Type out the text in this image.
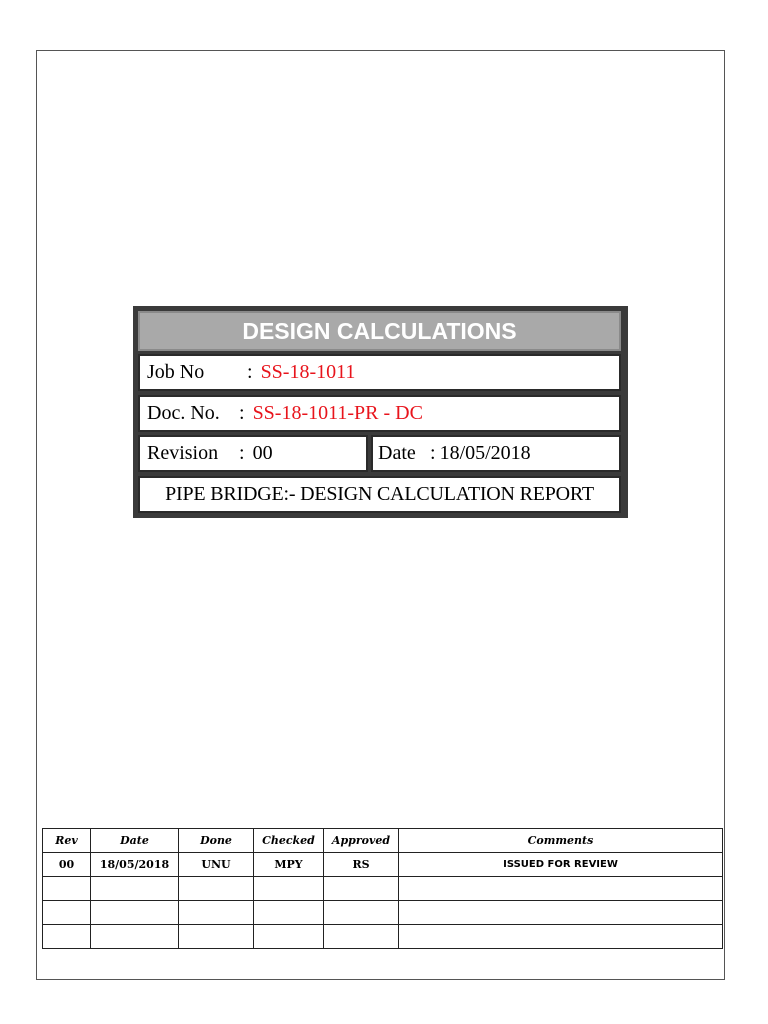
DESIGN CALCULATIONS
Job No	: SS-18-1011
Doc. No. : SS-18-1011-PR - DC
Revision	: 00	Date : 18/05/2018
PIPE BRIDGE:- DESIGN CALCULATION REPORT
Rev	Date	Done	Checked	Approved	Comments
00	18/05/2018	UNU	MPY	RS	ISSUED FOR REVIEW
